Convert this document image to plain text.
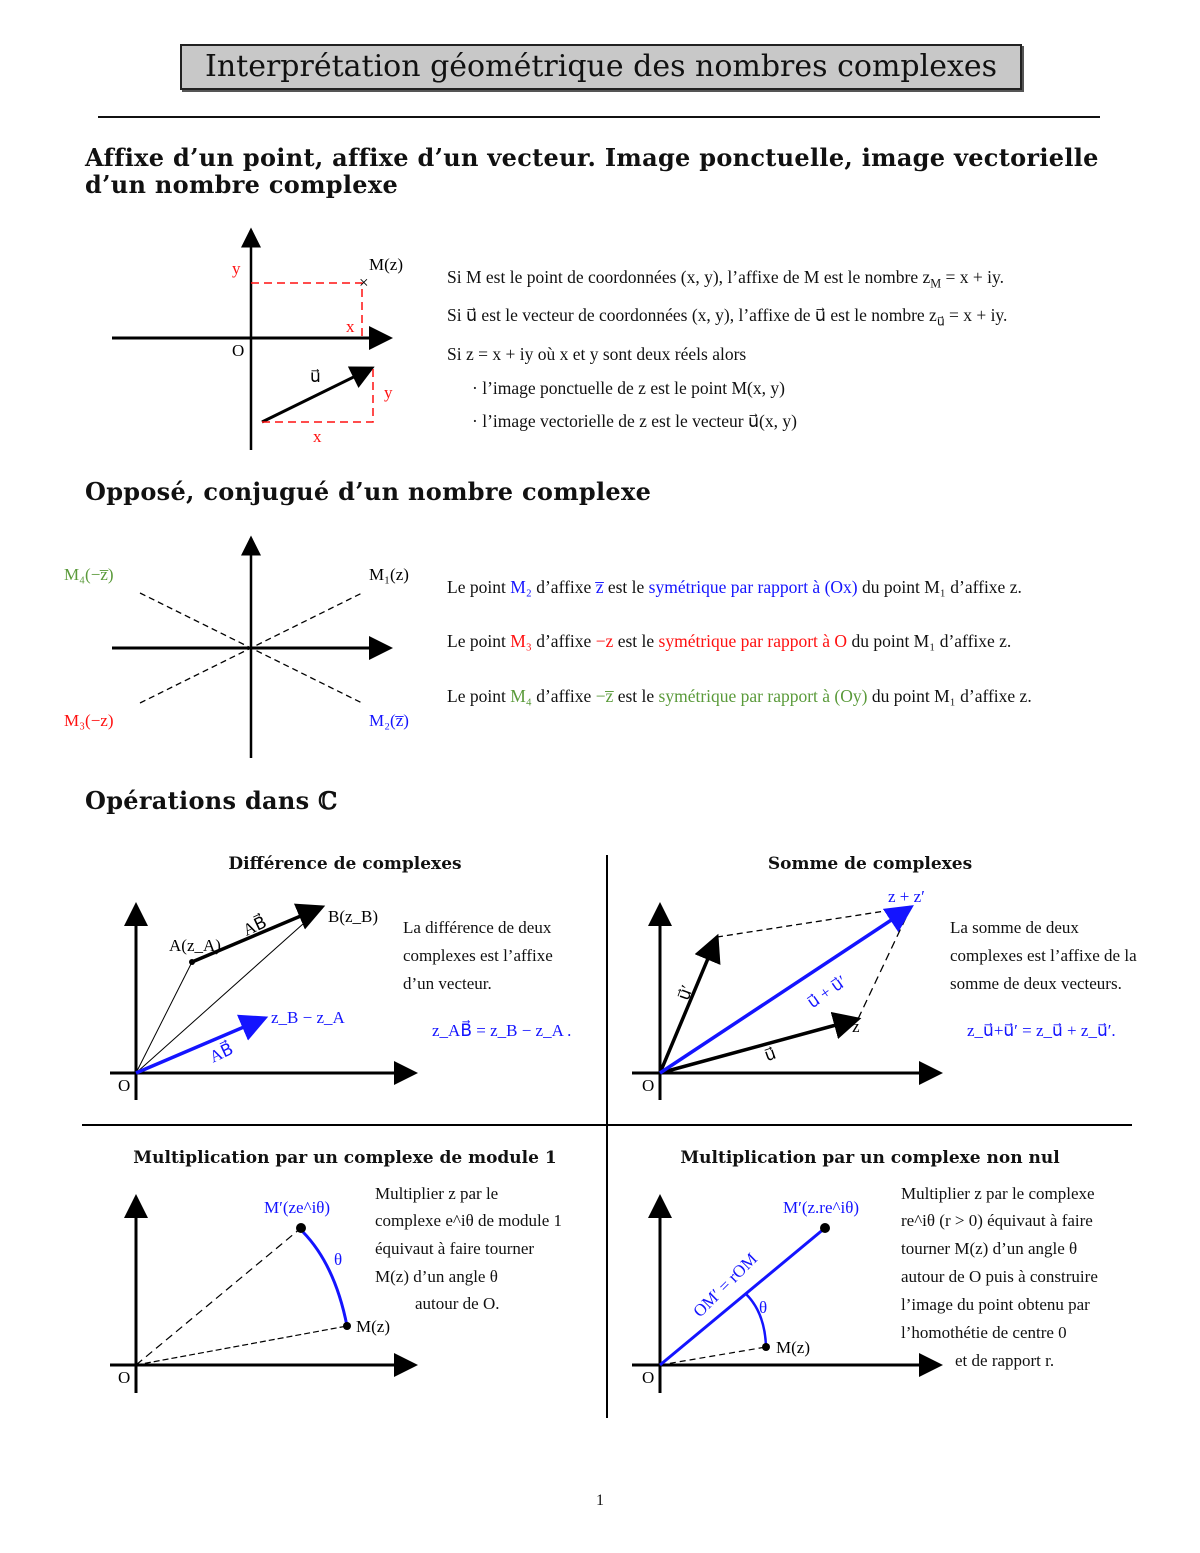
Interprétation géométrique des nombres complexes
Affixe d’un point, affixe d’un vecteur. Image ponctuelle, image vectorielle
d’un nombre complexe
Opposé, conjugué d’un nombre complexe
Opérations dans ℂ
×
y
x
M(z)
O
u⃗
y
x
M₁(z)
M₂(z̅)
M₃(−z)
M₄(−z̅)
A(z_A)
B(z_B)
AB⃗
z_B − z_A
AB⃗
O
z′
z + z′
z
u⃗
u⃗′	u⃗ + u⃗′
O
M′(ze^iθ)
M(z)
θ
O
M′(z.re^iθ)
M(z)
θ
OM′ = rOM
O
Si M est le point de coordonnées (x, y), l’affixe de M est le nombre $z_M = x$ + iy.
Si u⃗ est le vecteur de coordonnées (x, y), l’affixe de u⃗ est le nombre $z_{u⃗} = x$ + iy.
Si z = x + iy où x et y sont deux réels alors
· l’image ponctuelle de z est le point M(x, y)
· l’image vectorielle de z est le vecteur u⃗(x, y)
Le point M₂ d’affixe z̅ est le symétrique par rapport à (Ox) du point M₁ d’affixe z.
Le point M₃ d’affixe −z est le symétrique par rapport à O du point M₁ d’affixe z.
Le point M₄ d’affixe −z̅ est le symétrique par rapport à (Oy) du point M₁ d’affixe z.
Différence de complexes
La différence de deux
complexes est l’affixe
d’un vecteur.
z_AB⃗ = z_B − z_A .
Somme de complexes
La somme de deux
complexes est l’affixe de la
somme de deux vecteurs.
z_u⃗+u⃗′ = z_u⃗ + z_u⃗′.
Multiplication par un complexe de module 1
Multiplier z par le
complexe e^iθ de module 1
équivaut à faire tourner
M(z) d’un angle θ
autour de O.
Multiplication par un complexe non nul
Multiplier z par le complexe
re^iθ (r > 0) équivaut à faire
tourner M(z) d’un angle θ
autour de O puis à construire
l’image du point obtenu par
l’homothétie de centre 0
et de rapport r.
1
